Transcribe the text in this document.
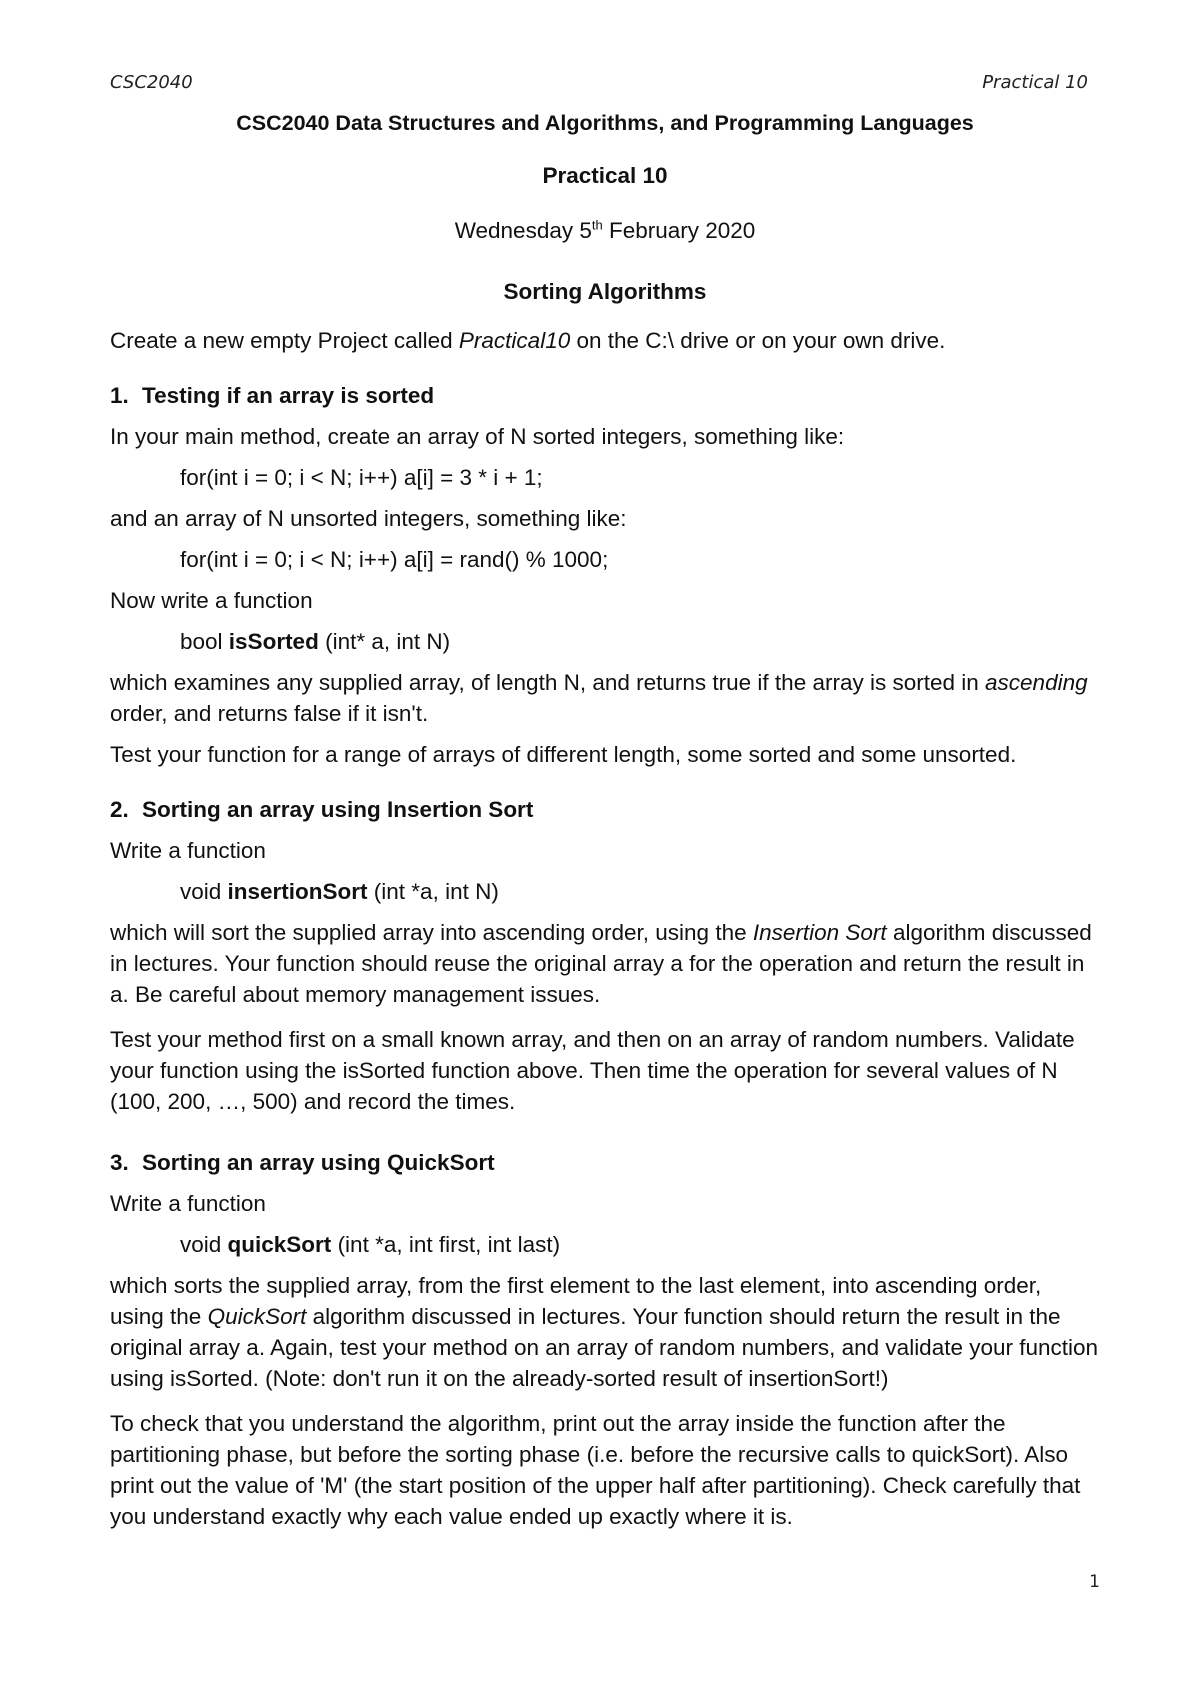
CSC2040	Practical 10

CSC2040 Data Structures and Algorithms, and Programming Languages

Practical 10

Wednesday 5th February 2020

Sorting Algorithms

Create a new empty Project called Practical10 on the C:\ drive or on your own drive.

1. Testing if an array is sorted

In your main method, create an array of N sorted integers, something like:

for(int i = 0; i < N; i++) a[i] = 3 * i + 1;

and an array of N unsorted integers, something like:

for(int i = 0; i < N; i++) a[i] = rand() % 1000;

Now write a function

bool isSorted (int* a, int N)

which examines any supplied array, of length N, and returns true if the array is sorted in ascending order, and returns false if it isn't.

Test your function for a range of arrays of different length, some sorted and some unsorted.

2. Sorting an array using Insertion Sort

Write a function

void insertionSort (int *a, int N)

which will sort the supplied array into ascending order, using the Insertion Sort algorithm discussed in lectures. Your function should reuse the original array a for the operation and return the result in a. Be careful about memory management issues.

Test your method first on a small known array, and then on an array of random numbers. Validate your function using the isSorted function above. Then time the operation for several values of N (100, 200, …, 500) and record the times.

3. Sorting an array using QuickSort

Write a function

void quickSort (int *a, int first, int last)

which sorts the supplied array, from the first element to the last element, into ascending order, using the QuickSort algorithm discussed in lectures. Your function should return the result in the original array a. Again, test your method on an array of random numbers, and validate your function using isSorted. (Note: don't run it on the already-sorted result of insertionSort!)

To check that you understand the algorithm, print out the array inside the function after the partitioning phase, but before the sorting phase (i.e. before the recursive calls to quickSort). Also print out the value of 'M' (the start position of the upper half after partitioning). Check carefully that you understand exactly why each value ended up exactly where it is.

1
